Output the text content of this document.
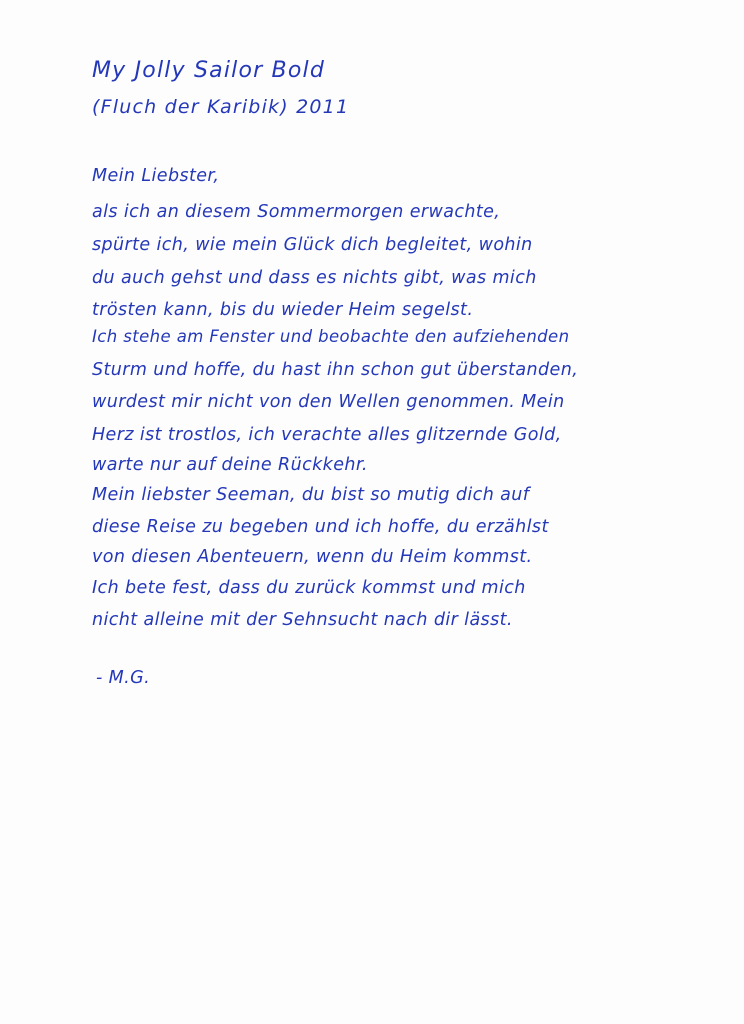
My Jolly Sailor Bold
(Fluch der Karibik) 2011
Mein Liebster,
als ich an diesem Sommermorgen erwachte,
spürte ich, wie mein Glück dich begleitet, wohin
du auch gehst und dass es nichts gibt, was mich
trösten kann, bis du wieder Heim segelst.
Ich stehe am Fenster und beobachte den aufziehenden
Sturm und hoffe, du hast ihn schon gut überstanden,
wurdest mir nicht von den Wellen genommen. Mein
Herz ist trostlos, ich verachte alles glitzernde Gold,
warte nur auf deine Rückkehr.
Mein liebster Seeman, du bist so mutig dich auf
diese Reise zu begeben und ich hoffe, du erzählst
von diesen Abenteuern, wenn du Heim kommst.
Ich bete fest, dass du zurück kommst und mich
nicht alleine mit der Sehnsucht nach dir lässt.
- M.G.
